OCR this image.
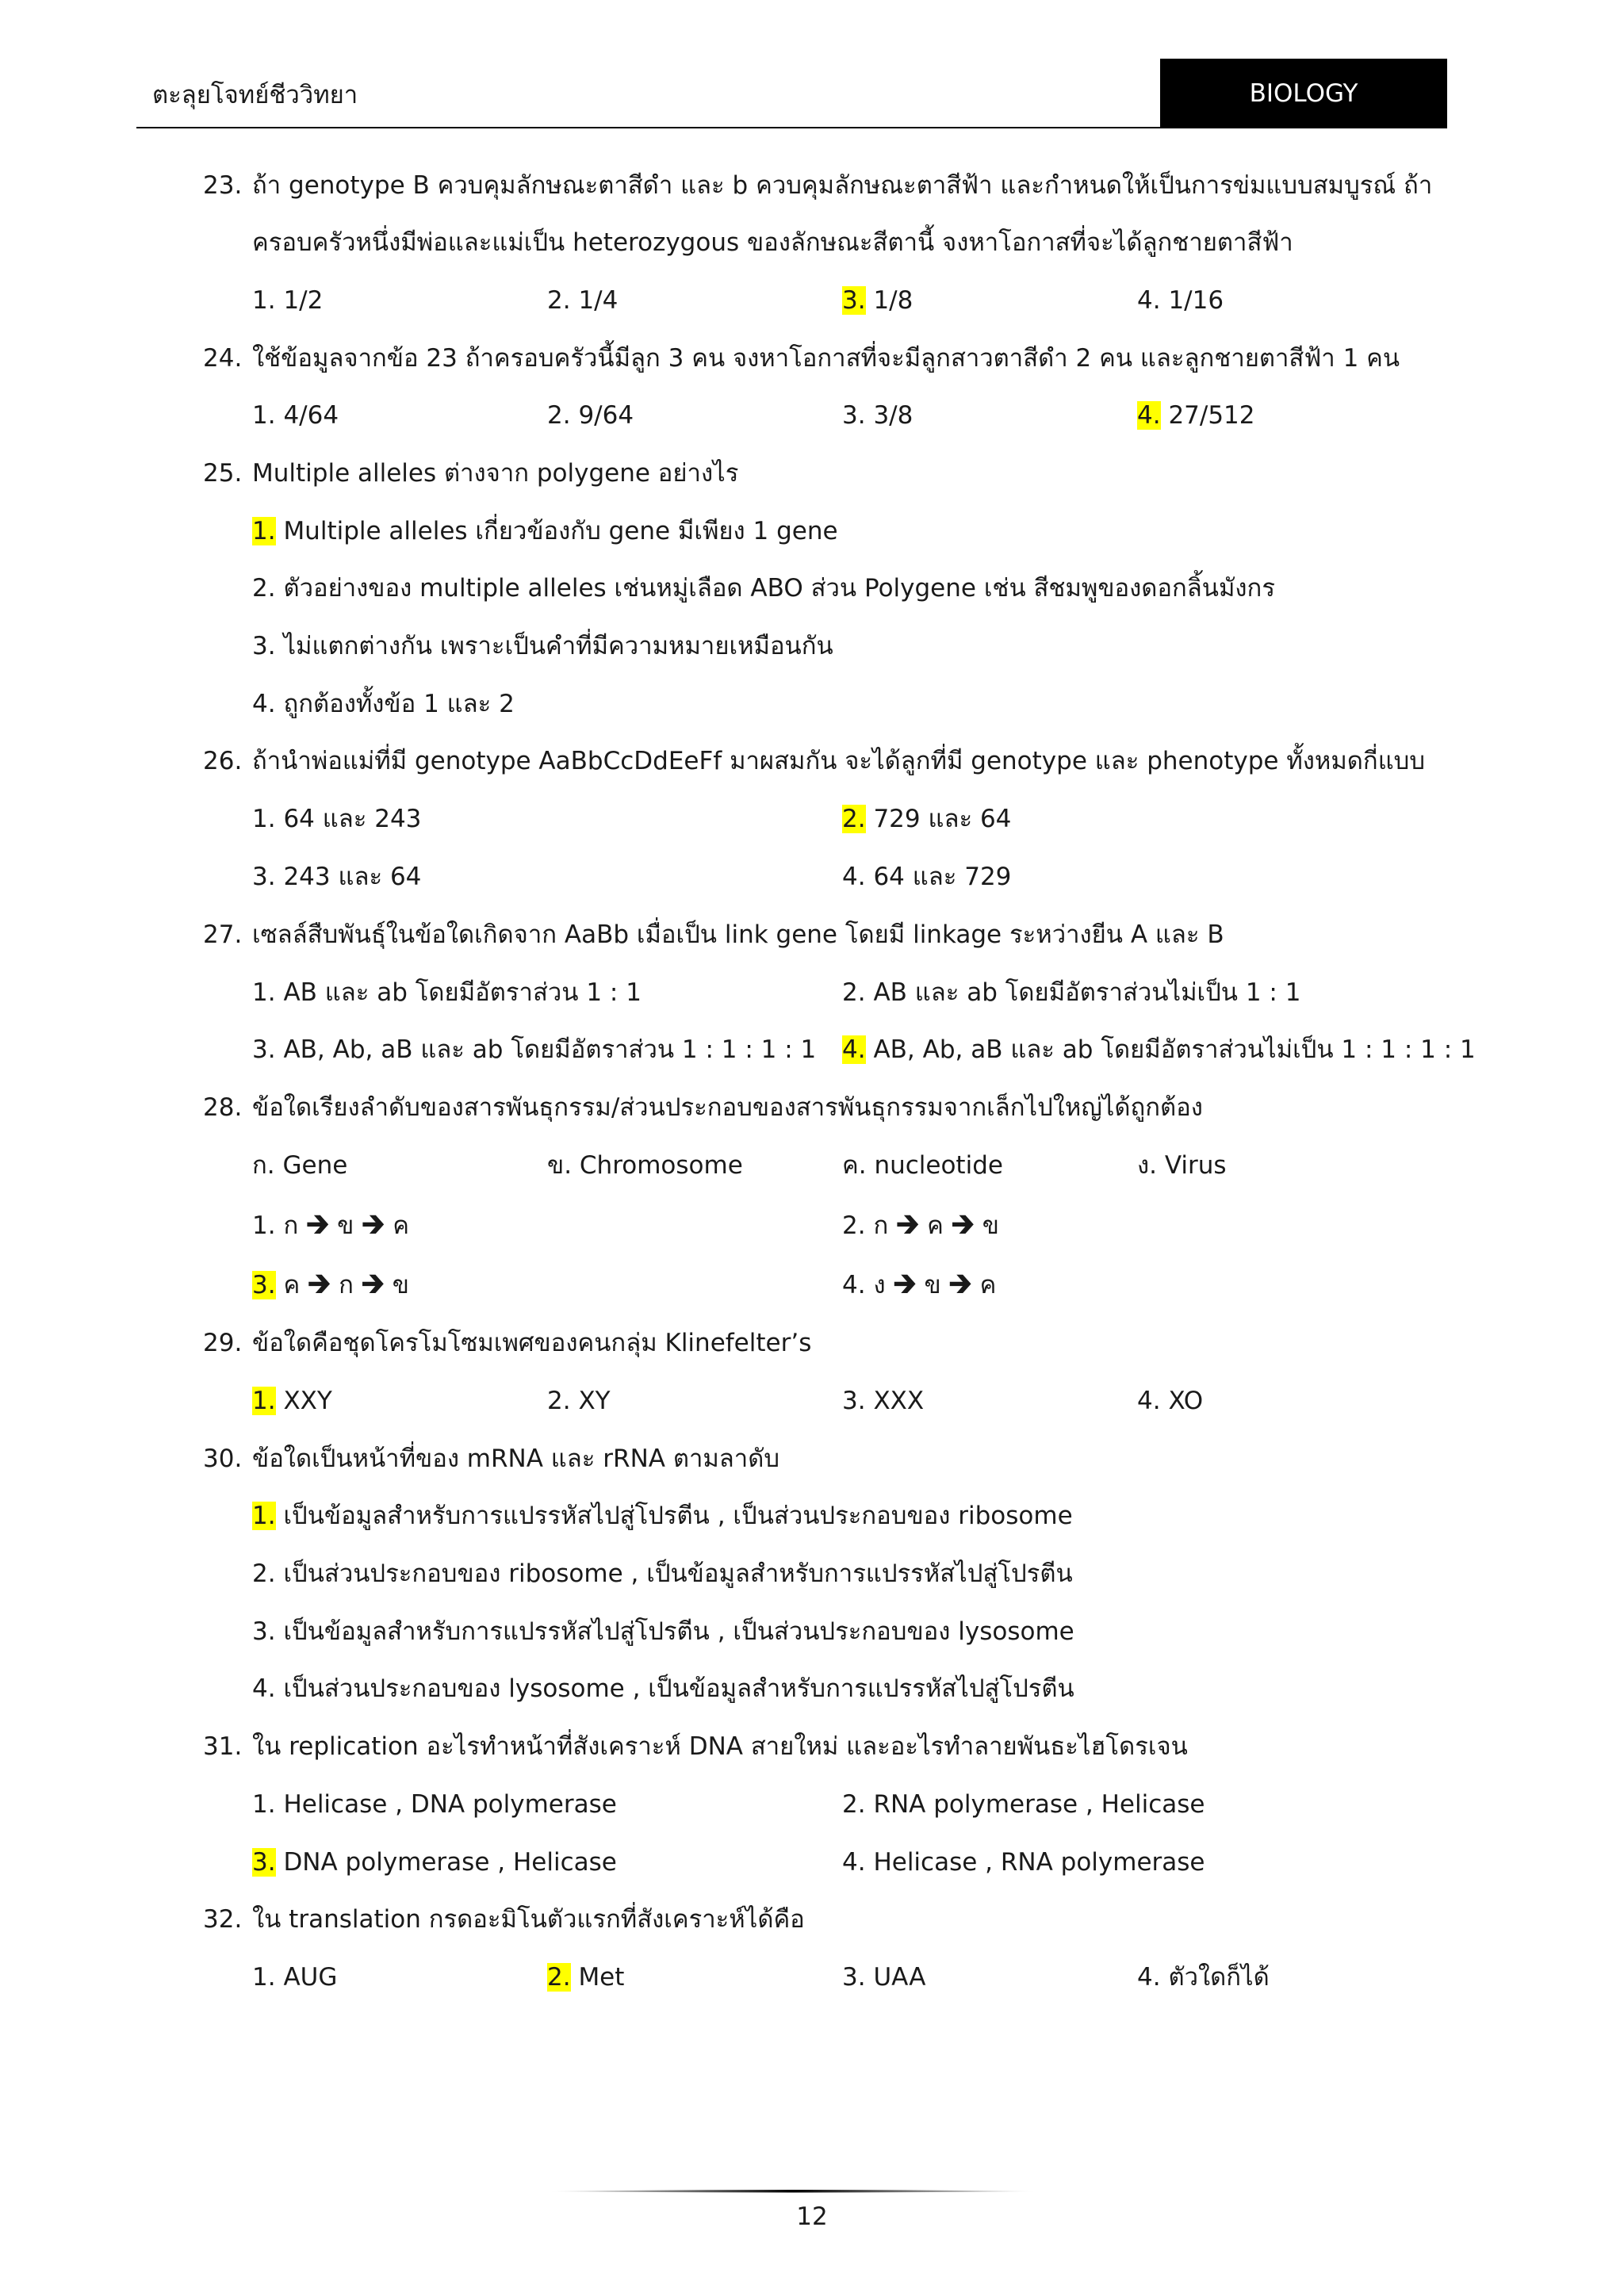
ตะลุยโจทย์ชีววิทยา	BIOLOGY
23. ถ้า genotype B ควบคุมลักษณะตาสีดำ และ b ควบคุมลักษณะตาสีฟ้า และกำหนดให้เป็นการข่มแบบสมบูรณ์ ถ้า
ครอบครัวหนึ่งมีพ่อและแม่เป็น heterozygous ของลักษณะสีตานี้ จงหาโอกาสที่จะได้ลูกชายตาสีฟ้า
1. 1/2	2. 1/4	3. 1/8	4. 1/16
24. ใช้ข้อมูลจากข้อ 23 ถ้าครอบครัวนี้มีลูก 3 คน จงหาโอกาสที่จะมีลูกสาวตาสีดำ 2 คน และลูกชายตาสีฟ้า 1 คน
1. 4/64	2. 9/64	3. 3/8	4. 27/512
25. Multiple alleles ต่างจาก polygene อย่างไร
1. Multiple alleles เกี่ยวข้องกับ gene มีเพียง 1 gene
2. ตัวอย่างของ multiple alleles เช่นหมู่เลือด ABO ส่วน Polygene เช่น สีชมพูของดอกลิ้นมังกร
3. ไม่แตกต่างกัน เพราะเป็นคำที่มีความหมายเหมือนกัน
4. ถูกต้องทั้งข้อ 1 และ 2
26. ถ้านำพ่อแม่ที่มี genotype AaBbCcDdEeFf มาผสมกัน จะได้ลูกที่มี genotype และ phenotype ทั้งหมดกี่แบบ
1. 64 และ 243	2. 729 และ 64
3. 243 และ 64	4. 64 และ 729
27. เซลล์สืบพันธุ์ในข้อใดเกิดจาก AaBb เมื่อเป็น link gene โดยมี linkage ระหว่างยีน A และ B
1. AB และ ab โดยมีอัตราส่วน 1 : 1	2. AB และ ab โดยมีอัตราส่วนไม่เป็น 1 : 1
3. AB, Ab, aB และ ab โดยมีอัตราส่วน 1 : 1 : 1 : 1 4. AB, Ab, aB และ ab โดยมีอัตราส่วนไม่เป็น 1 : 1 : 1 : 1
28. ข้อใดเรียงลำดับของสารพันธุกรรม/ส่วนประกอบของสารพันธุกรรมจากเล็กไปใหญ่ได้ถูกต้อง
ก. Gene	ข. Chromosome	ค. nucleotide	ง. Virus
1. ก 🡲 ข 🡲 ค	2. ก 🡲 ค 🡲 ข
3. ค 🡲 ก 🡲 ข	4. ง 🡲 ข 🡲 ค
29. ข้อใดคือชุดโครโมโซมเพศของคนกลุ่ม Klinefelter’s
1. XXY	2. XY	3. XXX	4. XO
30. ข้อใดเป็นหน้าที่ของ mRNA และ rRNA ตามลาดับ
1. เป็นข้อมูลสำหรับการแปรรหัสไปสู่โปรตีน , เป็นส่วนประกอบของ ribosome
2. เป็นส่วนประกอบของ ribosome , เป็นข้อมูลสำหรับการแปรรหัสไปสู่โปรตีน
3. เป็นข้อมูลสำหรับการแปรรหัสไปสู่โปรตีน , เป็นส่วนประกอบของ lysosome
4. เป็นส่วนประกอบของ lysosome , เป็นข้อมูลสำหรับการแปรรหัสไปสู่โปรตีน
31. ใน replication อะไรทำหน้าที่สังเคราะห์ DNA สายใหม่ และอะไรทำลายพันธะไฮโดรเจน
1. Helicase , DNA polymerase	2. RNA polymerase , Helicase
3. DNA polymerase , Helicase	4. Helicase , RNA polymerase
32. ใน translation กรดอะมิโนตัวแรกที่สังเคราะห์ได้คือ
1. AUG	2. Met	3. UAA	4. ตัวใดก็ได้
12
